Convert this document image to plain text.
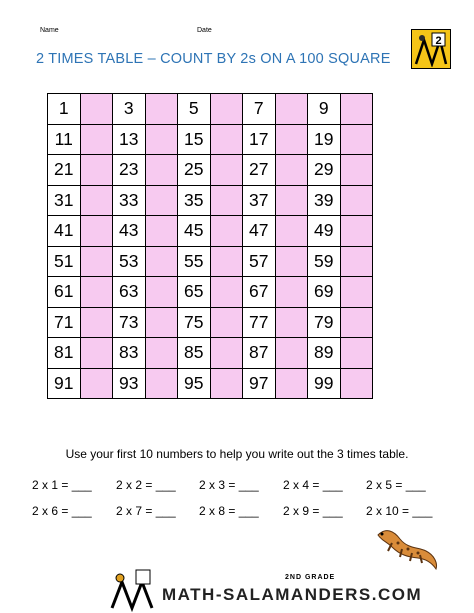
Name	Date
2 TIMES TABLE – COUNT BY 2s ON A 100 SQUARE
2
1		3		5		7		9	
11		13		15		17		19	
21		23		25		27		29	
31		33		35		37		39	
41		43		45		47		49	
51		53		55		57		59	
61		63		65		67		69	
71		73		75		77		79	
81		83		85		87		89	
91		93		95		97		99	
Use your first 10 numbers to help you write out the 3 times table.
2 x 1 = ___ 2 x 2 = ___ 2 x 3 = ___ 2 x 4 = ___ 2 x 5 = ___
2 x 6 = ___ 2 x 7 = ___ 2 x 8 = ___ 2 x 9 = ___ 2 x 10 = ___
2ND GRADE
MATH-SALAMANDERS.COM
